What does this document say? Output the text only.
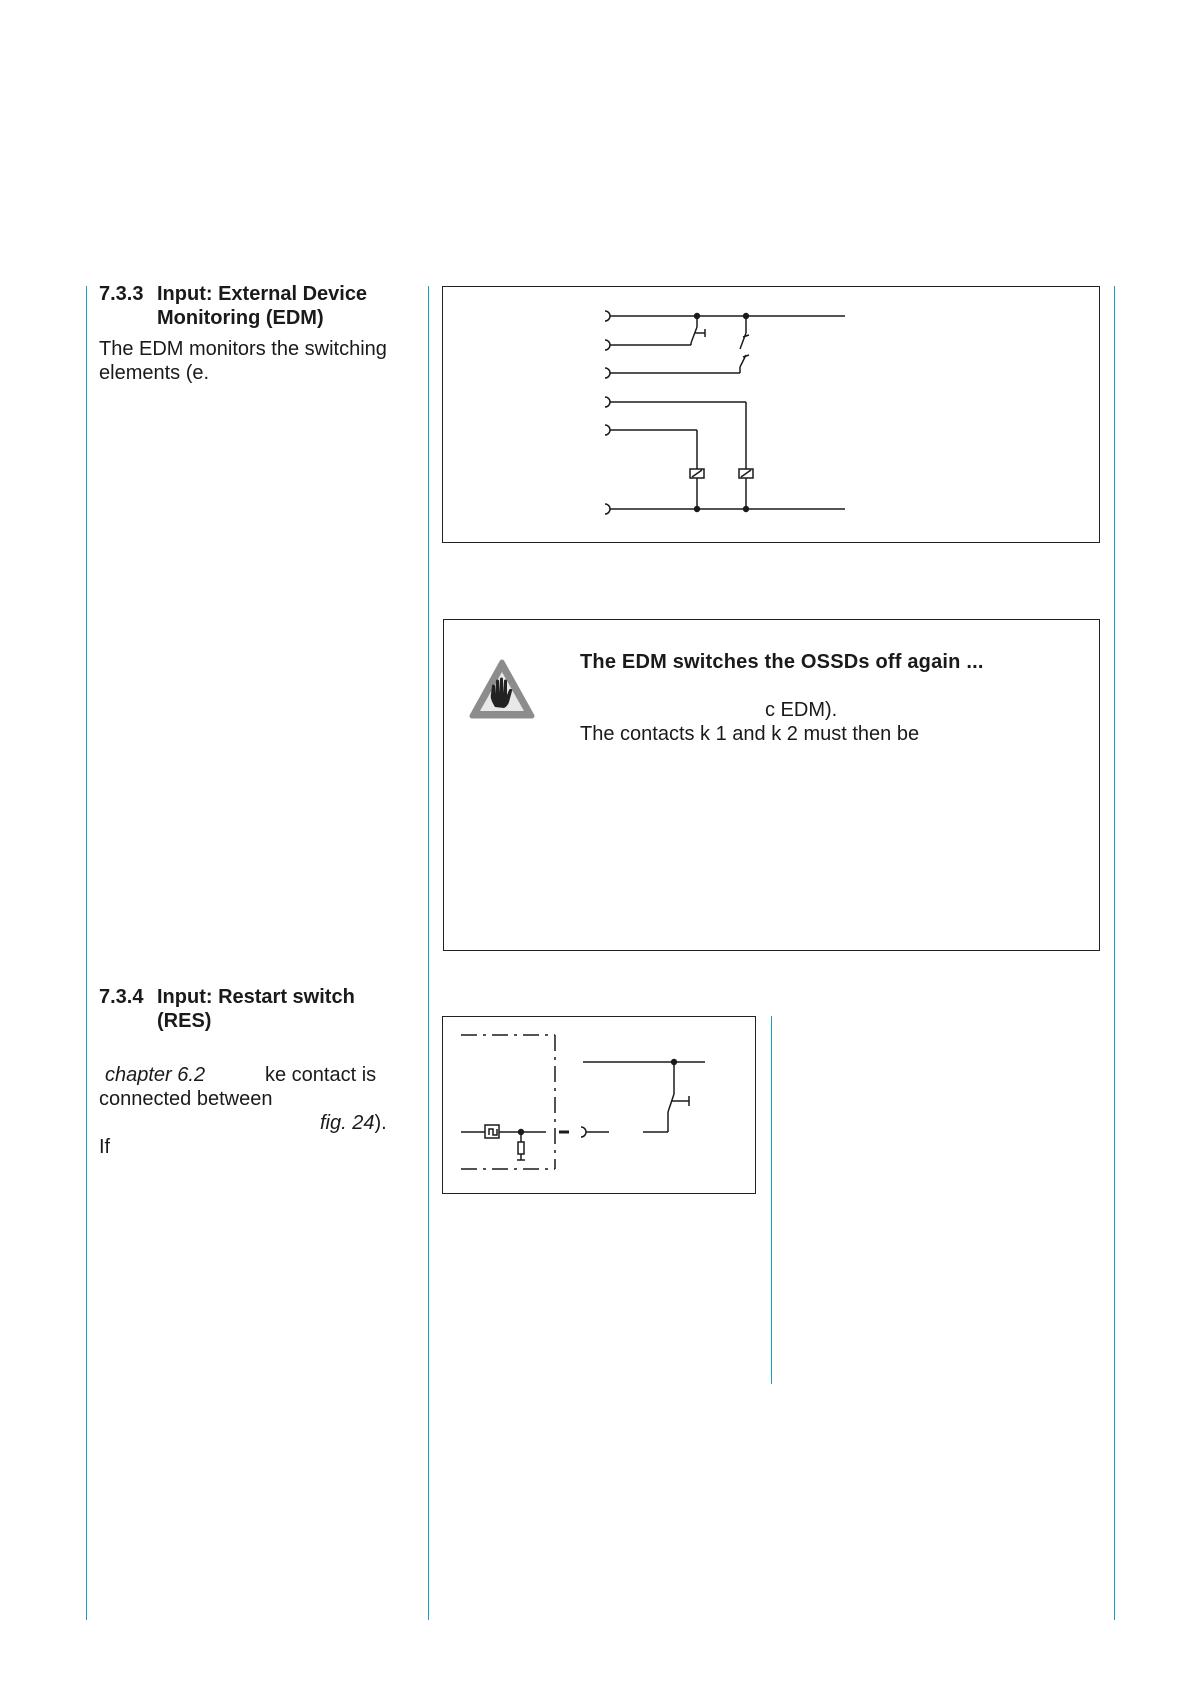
7.3.3 Input: External Device
Monitoring (EDM)
The EDM monitors the switching elements (e.
The EDM switches the OSSDs off again ...
c EDM).
The contacts k 1 and k 2 must then be
7.3.4 Input: Restart switch
(RES)
chapter 6.2	ke contact is
connected between
fig. 24).
If
